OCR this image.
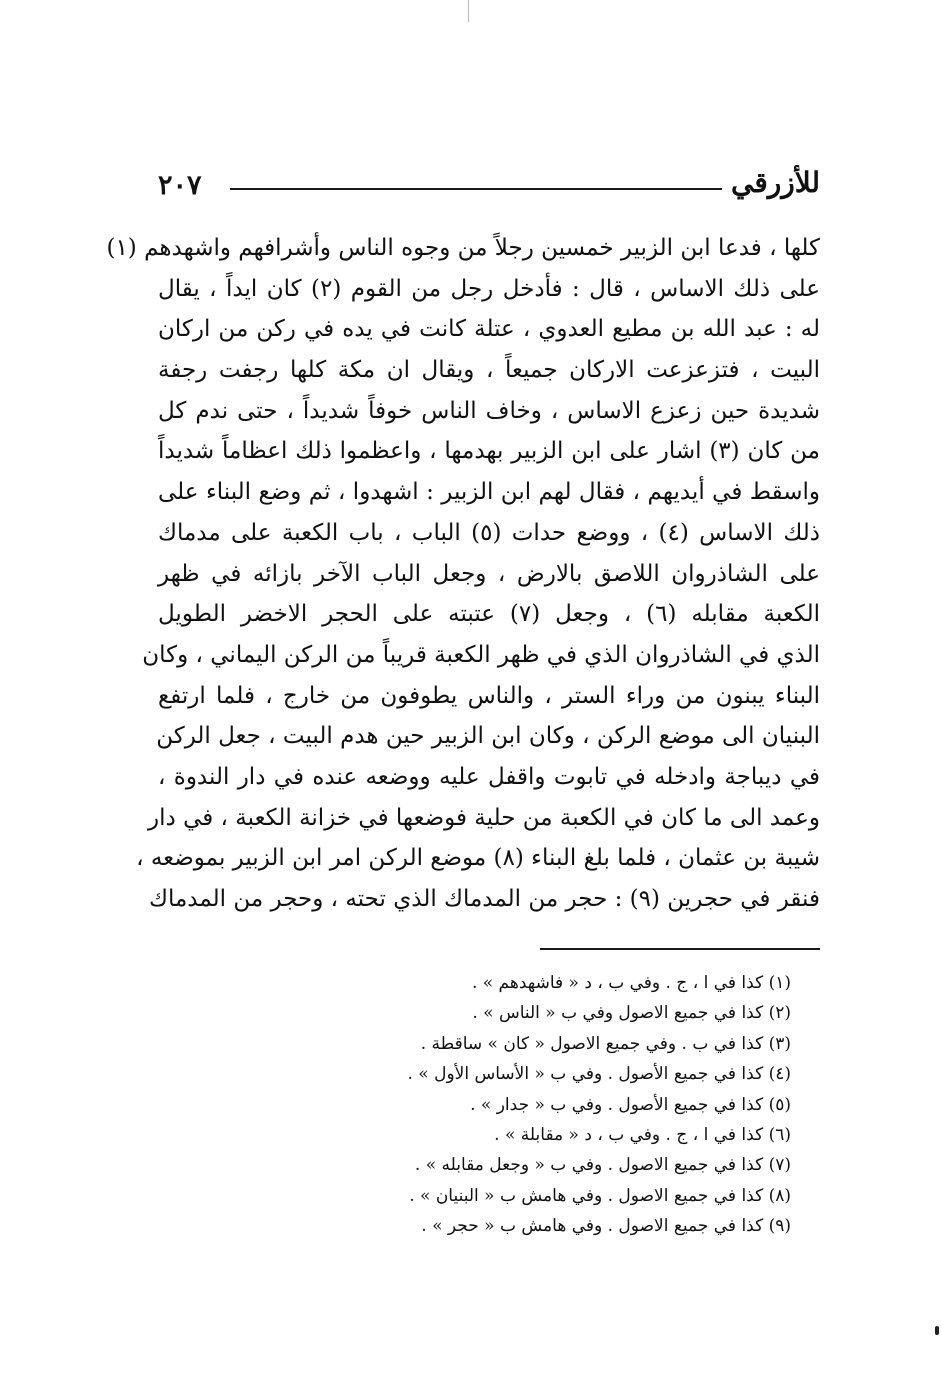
٢٠٧	للأزرقي
كلها ، فدعا ابن الزبير خمسين رجلاً من وجوه الناس وأشرافهم واشهدهم (١)
على ذلك الاساس ، قال : فأدخل رجل من القوم (٢) كان ايداً ، يقال
له : عبد الله بن مطيع العدوي ، عتلة كانت في يده في ركن من اركان
البيت ، فتزعزعت الاركان جميعاً ، ويقال ان مكة كلها رجفت رجفة
شديدة حين زعزع الاساس ، وخاف الناس خوفاً شديداً ، حتى ندم كل
من كان (٣) اشار على ابن الزبير بهدمها ، واعظموا ذلك اعظاماً شديداً
واسقط في أيديهم ، فقال لهم ابن الزبير : اشهدوا ، ثم وضع البناء على
ذلك الاساس (٤) ، ووضع حدات (٥) الباب ، باب الكعبة على مدماك
على الشاذروان اللاصق بالارض ، وجعل الباب الآخر بازائه في ظهر
الكعبة مقابله (٦) ، وجعل (٧) عتبته على الحجر الاخضر الطويل
الذي في الشاذروان الذي في ظهر الكعبة قريباً من الركن اليماني ، وكان
البناء يبنون من وراء الستر ، والناس يطوفون من خارج ، فلما ارتفع
البنيان الى موضع الركن ، وكان ابن الزبير حين هدم البيت ، جعل الركن
في ديباجة وادخله في تابوت واقفل عليه ووضعه عنده في دار الندوة ،
وعمد الى ما كان في الكعبة من حلية فوضعها في خزانة الكعبة ، في دار
شيبة بن عثمان ، فلما بلغ البناء (٨) موضع الركن امر ابن الزبير بموضعه ،
فنقر في حجرين (٩) : حجر من المدماك الذي تحته ، وحجر من المدماك
(١) كذا في ا ، ج . وفي ب ، د « فاشهدهم » .
(٢) كذا في جميع الاصول وفي ب « الناس » .
(٣) كذا في ب . وفي جميع الاصول « كان » ساقطة .
(٤) كذا في جميع الأصول . وفي ب « الأساس الأول » .
(٥) كذا في جميع الأصول . وفي ب « جدار » .
(٦) كذا في ا ، ج . وفي ب ، د « مقابلة » .
(٧) كذا في جميع الاصول . وفي ب « وجعل مقابله » .
(٨) كذا في جميع الاصول . وفي هامش ب « البنيان » .
(٩) كذا في جميع الاصول . وفي هامش ب « حجر » .
